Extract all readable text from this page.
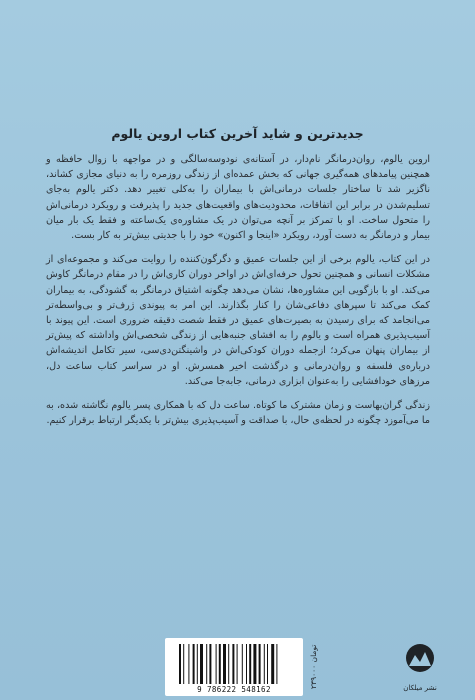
جدیدترین و شاید آخرین کتاب اروین یالوم

اروین یالوم، روان‌درمانگر نام‌دار، در آستانه‌ی نودوسه‌سالگی و در مواجهه با زوال حافظه و همچنین پیامدهای همه‌گیری جهانی که بخش عمده‌ای از زندگی روزمره را به دنیای مجازی کشاند، ناگزیر شد تا ساختار جلسات درمانی‌اش با بیماران را به‌کلی تغییر دهد. دکتر یالوم به‌جای تسلیم‌شدن در برابر این اتفاقات، محدودیت‌های واقعیت‌های جدید را پذیرفت و رویکرد درمانی‌اش را متحول ساخت. او با تمرکز بر آنچه می‌توان در یک مشاوره‌ی یک‌ساعته و فقط یک بار میان بیمار و درمانگر به دست آورد، رویکرد «اینجا و اکنون» خود را با جدیتی بیش‌تر به کار بست.

در این کتاب، یالوم برخی از این جلسات عمیق و دگرگون‌کننده را روایت می‌کند و مجموعه‌ای از مشکلات انسانی و همچنین تحول حرفه‌ای‌اش در اواخر دوران کاری‌اش را در مقام درمانگر کاوش می‌کند. او با بازگویی این مشاوره‌ها، نشان می‌دهد چگونه اشتیاق درمانگر به گشودگی، به بیماران کمک می‌کند تا سپرهای دفاعی‌شان را کنار بگذارند. این امر به پیوندی ژرف‌تر و بی‌واسطه‌تر می‌انجامد که برای رسیدن به بصیرت‌های عمیق در فقط شصت دقیقه ضروری است. این پیوند با آسیب‌پذیری همراه است و یالوم را به افشای جنبه‌هایی از زندگی شخصی‌اش واداشته که پیش‌تر از بیماران پنهان می‌کرد؛ ازجمله دوران کودکی‌اش در واشینگتن‌دی‌سی، سیر تکامل اندیشه‌اش درباره‌ی فلسفه و روان‌درمانی و درگذشت اخیر همسرش. او در سراسر کتاب ساعت دل، مرزهای خودافشایی را به‌عنوان ابزاری درمانی، جابه‌جا می‌کند.

زندگی گران‌بهاست و زمان مشترک ما کوتاه. ساعت دل که با همکاری پسر یالوم نگاشته شده، به ما می‌آموزد چگونه در لحظه‌ی حال، با صداقت و آسیب‌پذیری بیش‌تر با یکدیگر ارتباط برقرار کنیم.

9 786222 548162
۲۳۹۰۰۰ تومان
نشر میلکان
